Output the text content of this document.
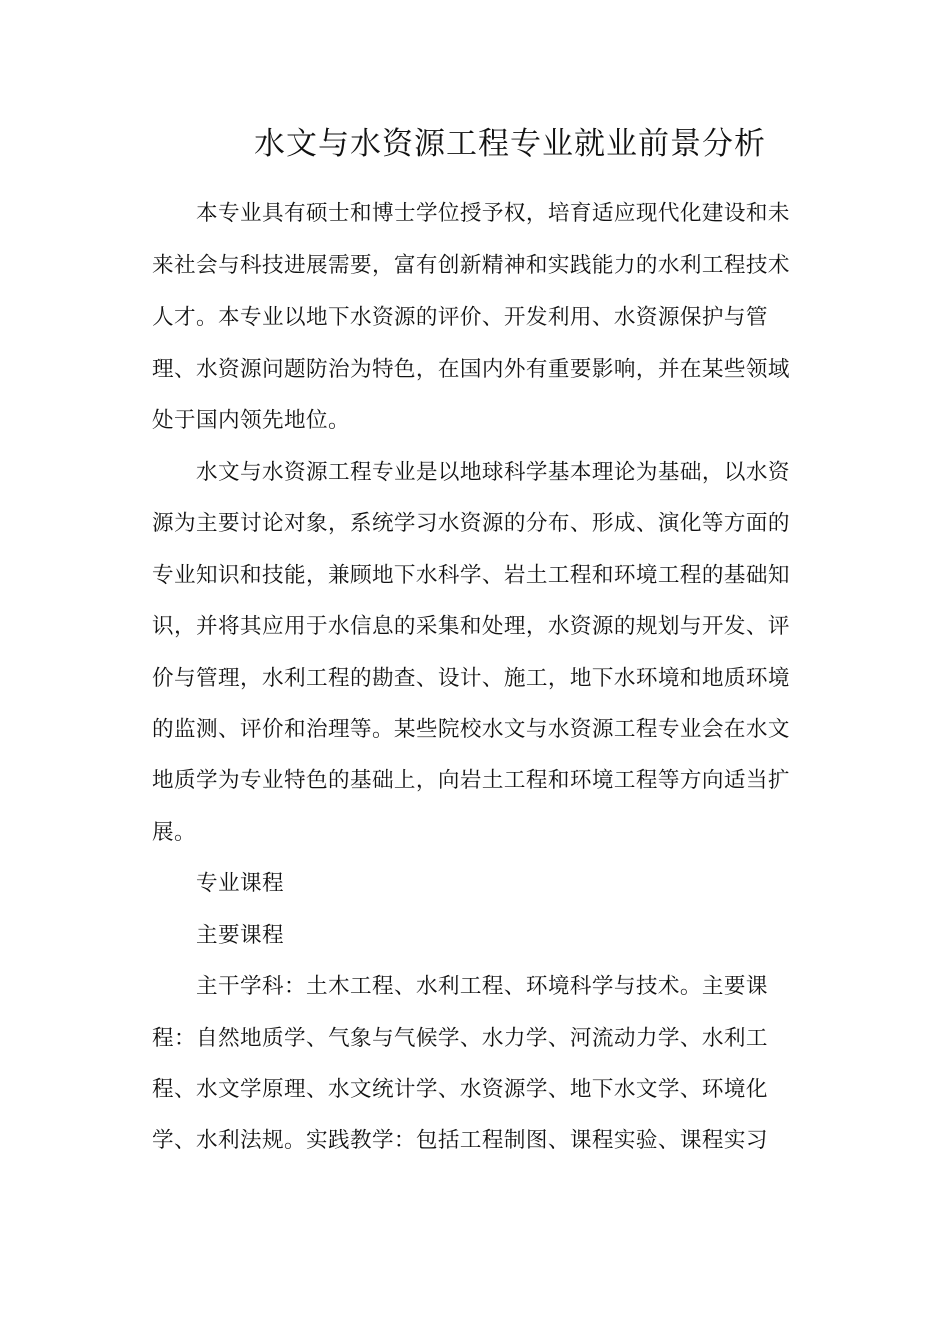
水文与水资源工程专业就业前景分析
本专业具有硕士和博士学位授予权，培育适应现代化建设和未
来社会与科技进展需要，富有创新精神和实践能力的水利工程技术
人才。本专业以地下水资源的评价、开发利用、水资源保护与管
理、水资源问题防治为特色，在国内外有重要影响，并在某些领域
处于国内领先地位。
水文与水资源工程专业是以地球科学基本理论为基础，以水资
源为主要讨论对象，系统学习水资源的分布、形成、演化等方面的
专业知识和技能，兼顾地下水科学、岩土工程和环境工程的基础知
识，并将其应用于水信息的采集和处理，水资源的规划与开发、评
价与管理，水利工程的勘查、设计、施工，地下水环境和地质环境
的监测、评价和治理等。某些院校水文与水资源工程专业会在水文
地质学为专业特色的基础上，向岩土工程和环境工程等方向适当扩
展。
专业课程
主要课程
主干学科：土木工程、水利工程、环境科学与技术。主要课
程：自然地质学、气象与气候学、水力学、河流动力学、水利工
程、水文学原理、水文统计学、水资源学、地下水文学、环境化
学、水利法规。实践教学：包括工程制图、课程实验、课程实习
